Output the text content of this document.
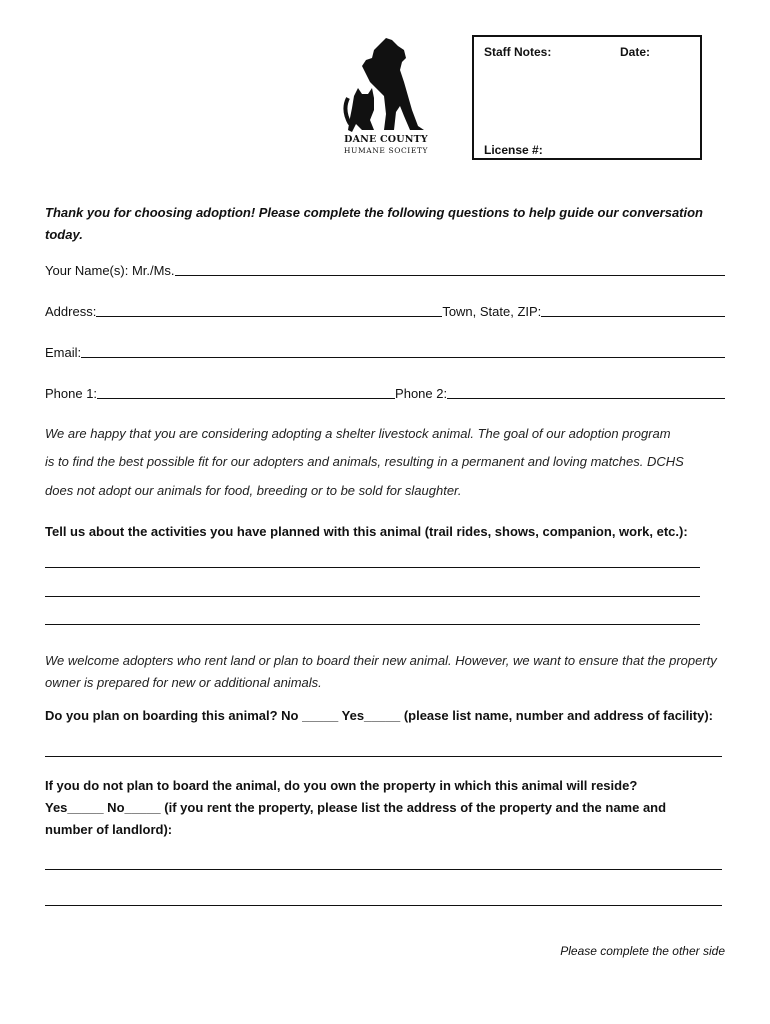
DANE COUNTY
HUMANE SOCIETY
Staff Notes:	Date:
License #:
Thank you for choosing adoption! Please complete the following questions to help guide our conversation today.
Your Name(s): Mr./Ms.
Address:	Town, State, ZIP:
Email:
Phone 1:	Phone 2:
We are happy that you are considering adopting a shelter livestock animal. The goal of our adoption program
is to find the best possible fit for our adopters and animals, resulting in a permanent and loving matches. DCHS
does not adopt our animals for food, breeding or to be sold for slaughter.
Tell us about the activities you have planned with this animal (trail rides, shows, companion, work, etc.):
We welcome adopters who rent land or plan to board their new animal. However, we want to ensure that the property owner is prepared for new or additional animals.
Do you plan on boarding this animal? No _____ Yes_____ (please list name, number and address of facility):
If you do not plan to board the animal, do you own the property in which this animal will reside?
Yes_____ No_____ (if you rent the property, please list the address of the property and the name and
number of landlord):
Please complete the other side
